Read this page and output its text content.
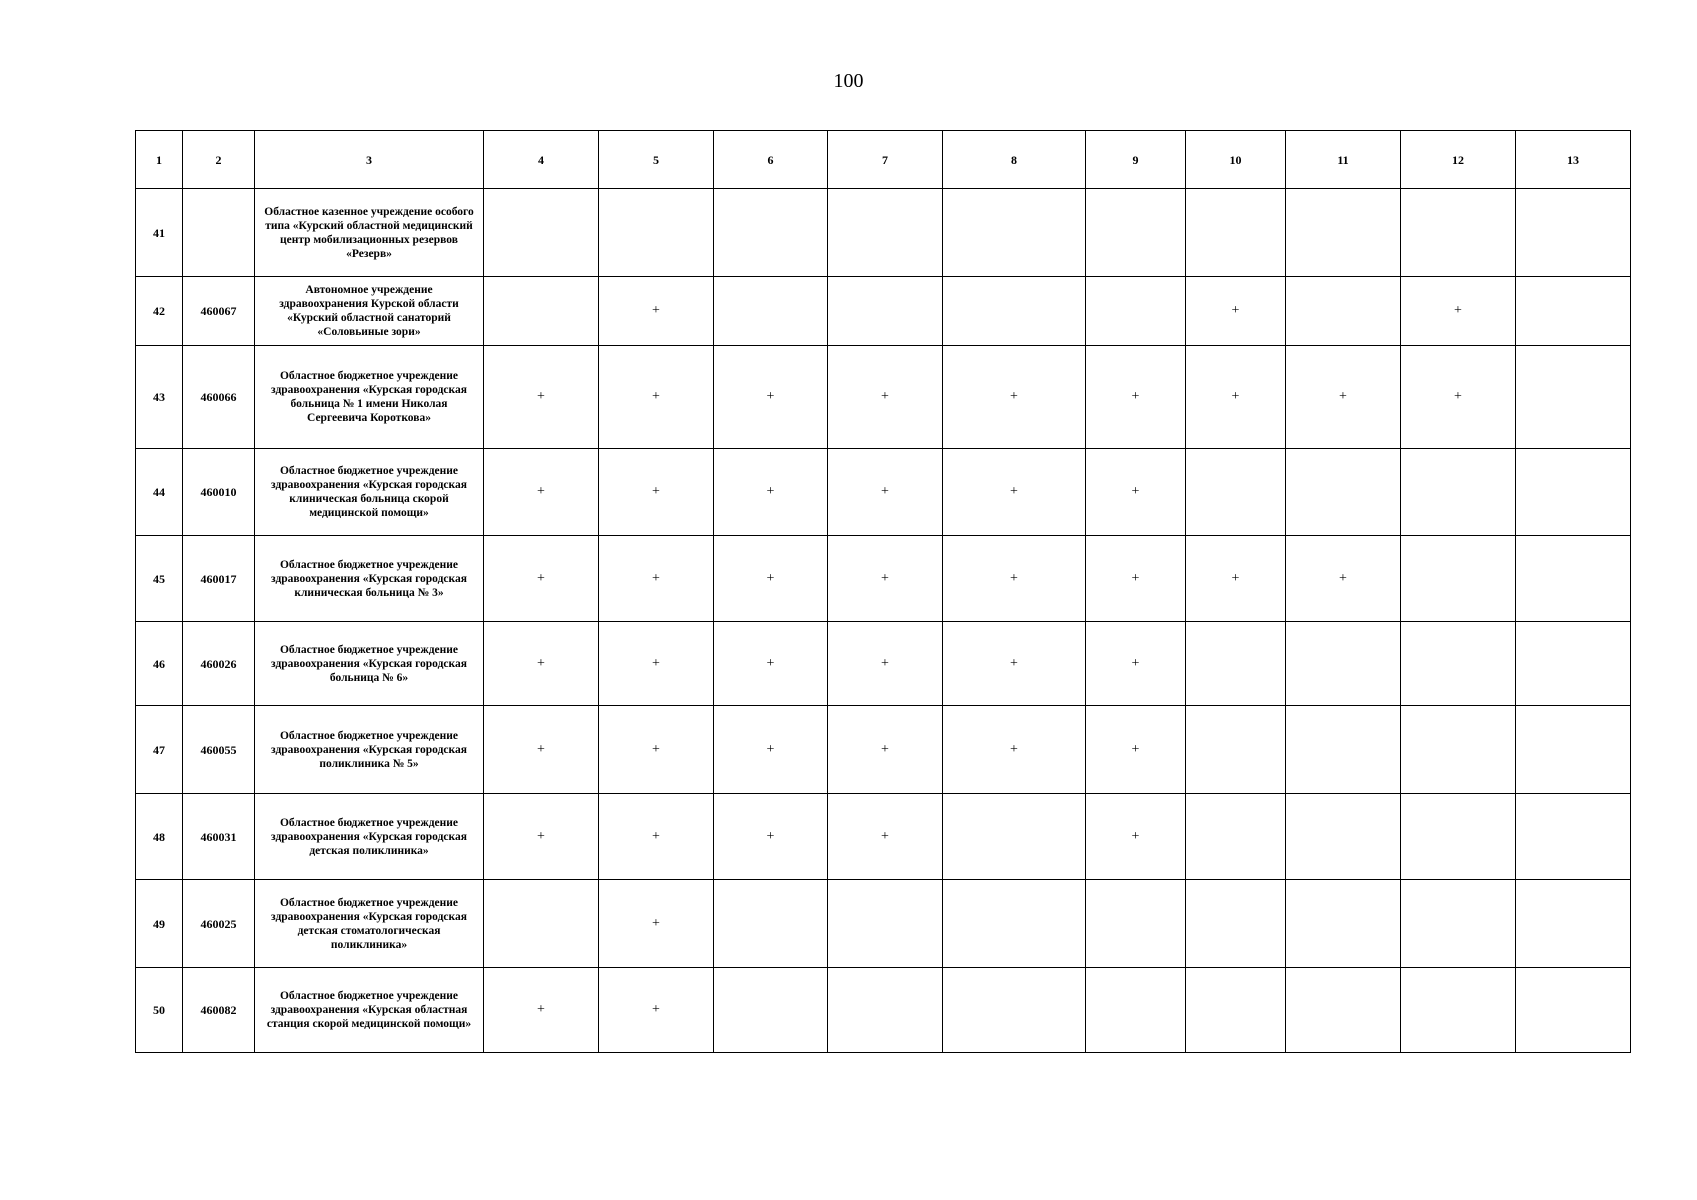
100
1	2	3	4	5	6	7	8	9	10	11	12	13
41		Областное казенное учреждение особого типа «Курский областной медицинский центр мобилизационных резервов «Резерв»										
42	460067	Автономное учреждение здравоохранения Курской области «Курский областной санаторий «Соловьиные зори»		+					+		+	
43	460066	Областное бюджетное учреждение здравоохранения «Курская городская больница № 1 имени Николая Сергеевича Короткова»	+	+	+	+	+	+	+	+	+	
44	460010	Областное бюджетное учреждение здравоохранения «Курская городская клиническая больница скорой медицинской помощи»	+	+	+	+	+	+				
45	460017	Областное бюджетное учреждение здравоохранения «Курская городская клиническая больница № 3»	+	+	+	+	+	+	+	+		
46	460026	Областное бюджетное учреждение здравоохранения «Курская городская больница № 6»	+	+	+	+	+	+				
47	460055	Областное бюджетное учреждение здравоохранения «Курская городская поликлиника № 5»	+	+	+	+	+	+				
48	460031	Областное бюджетное учреждение здравоохранения «Курская городская детская поликлиника»	+	+	+	+		+				
49	460025	Областное бюджетное учреждение здравоохранения «Курская городская детская стоматологическая поликлиника»		+								
50	460082	Областное бюджетное учреждение здравоохранения «Курская областная станция скорой медицинской помощи»	+	+								
